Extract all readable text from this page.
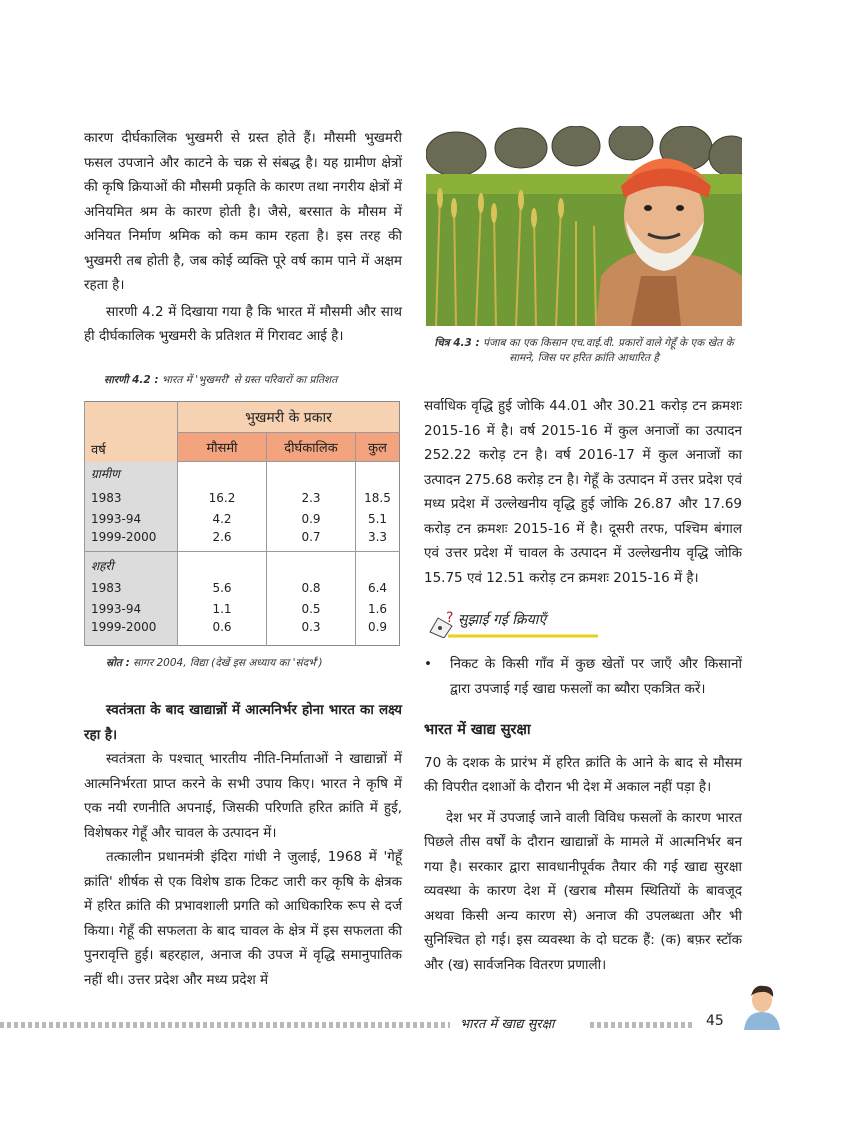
कारण दीर्घकालिक भुखमरी से ग्रस्त होते हैं। मौसमी भुखमरी फसल उपजाने और काटने के चक्र से संबद्ध है। यह ग्रामीण क्षेत्रों की कृषि क्रियाओं की मौसमी प्रकृति के कारण तथा नगरीय क्षेत्रों में अनियमित श्रम के कारण होती है। जैसे, बरसात के मौसम में अनियत निर्माण श्रमिक को कम काम रहता है। इस तरह की भुखमरी तब होती है, जब कोई व्यक्ति पूरे वर्ष काम पाने में अक्षम रहता है।

सारणी 4.2 में दिखाया गया है कि भारत में मौसमी और साथ ही दीर्घकालिक भुखमरी के प्रतिशत में गिरावट आई है।

सारणी 4.2 : भारत में 'भुखमरी' से ग्रस्त परिवारों का प्रतिशत
वर्ष	भुखमरी के प्रकार		
	मौसमी	दीर्घकालिक	कुल
ग्रामीण			
1983	16.2	2.3	18.5
1993-94	4.2	0.9	5.1
1999-2000	2.6	0.7	3.3
शहरी			
1983	5.6	0.8	6.4
1993-94	1.1	0.5	1.6
1999-2000	0.6	0.3	0.9
स्रोत : सागर 2004, विद्या (देखें इस अध्याय का 'संदर्भ')

स्वतंत्रता के बाद खाद्यान्नों में आत्मनिर्भर होना भारत का लक्ष्य रहा है।

स्वतंत्रता के पश्चात् भारतीय नीति-निर्माताओं ने खाद्यान्नों में आत्मनिर्भरता प्राप्त करने के सभी उपाय किए। भारत ने कृषि में एक नयी रणनीति अपनाई, जिसकी परिणति हरित क्रांति में हुई, विशेषकर गेहूँ और चावल के उत्पादन में।

तत्कालीन प्रधानमंत्री इंदिरा गांधी ने जुलाई, 1968 में 'गेहूँ क्रांति' शीर्षक से एक विशेष डाक टिकट जारी कर कृषि के क्षेत्रक में हरित क्रांति की प्रभावशाली प्रगति को आधिकारिक रूप से दर्ज किया। गेहूँ की सफलता के बाद चावल के क्षेत्र में इस सफलता की पुनरावृत्ति हुई। बहरहाल, अनाज की उपज में वृद्धि समानुपातिक नहीं थी। उत्तर प्रदेश और मध्य प्रदेश में

चित्र 4.3 : पंजाब का एक किसान एच.वाई.वी. प्रकारों वाले गेहूँ के एक खेत के सामने, जिस पर हरित क्रांति आधारित है

सर्वाधिक वृद्धि हुई जोकि 44.01 और 30.21 करोड़ टन क्रमशः 2015-16 में है। वर्ष 2015-16 में कुल अनाजों का उत्पादन 252.22 करोड़ टन है। वर्ष 2016-17 में कुल अनाजों का उत्पादन 275.68 करोड़ टन है। गेहूँ के उत्पादन में उत्तर प्रदेश एवं मध्य प्रदेश में उल्लेखनीय वृद्धि हुई जोकि 26.87 और 17.69 करोड़ टन क्रमशः 2015-16 में है। दूसरी तरफ, पश्चिम बंगाल एवं उत्तर प्रदेश में चावल के उत्पादन में उल्लेखनीय वृद्धि जोकि 15.75 एवं 12.51 करोड़ टन क्रमशः 2015-16 में है।

? सुझाई गई क्रियाएँ
•	निकट के किसी गाँव में कुछ खेतों पर जाएँ और किसानों द्वारा उपजाई गई खाद्य फसलों का ब्यौरा एकत्रित करें।

भारत में खाद्य सुरक्षा

70 के दशक के प्रारंभ में हरित क्रांति के आने के बाद से मौसम की विपरीत दशाओं के दौरान भी देश में अकाल नहीं पड़ा है।

देश भर में उपजाई जाने वाली विविध फसलों के कारण भारत पिछले तीस वर्षों के दौरान खाद्यान्नों के मामले में आत्मनिर्भर बन गया है। सरकार द्वारा सावधानीपूर्वक तैयार की गई खाद्य सुरक्षा व्यवस्था के कारण देश में (खराब मौसम स्थितियों के बावजूद अथवा किसी अन्य कारण से) अनाज की उपलब्धता और भी सुनिश्चित हो गई। इस व्यवस्था के दो घटक हैं: (क) बफ़र स्टॉक और (ख) सार्वजनिक वितरण प्रणाली।

भारत में खाद्य सुरक्षा	45
